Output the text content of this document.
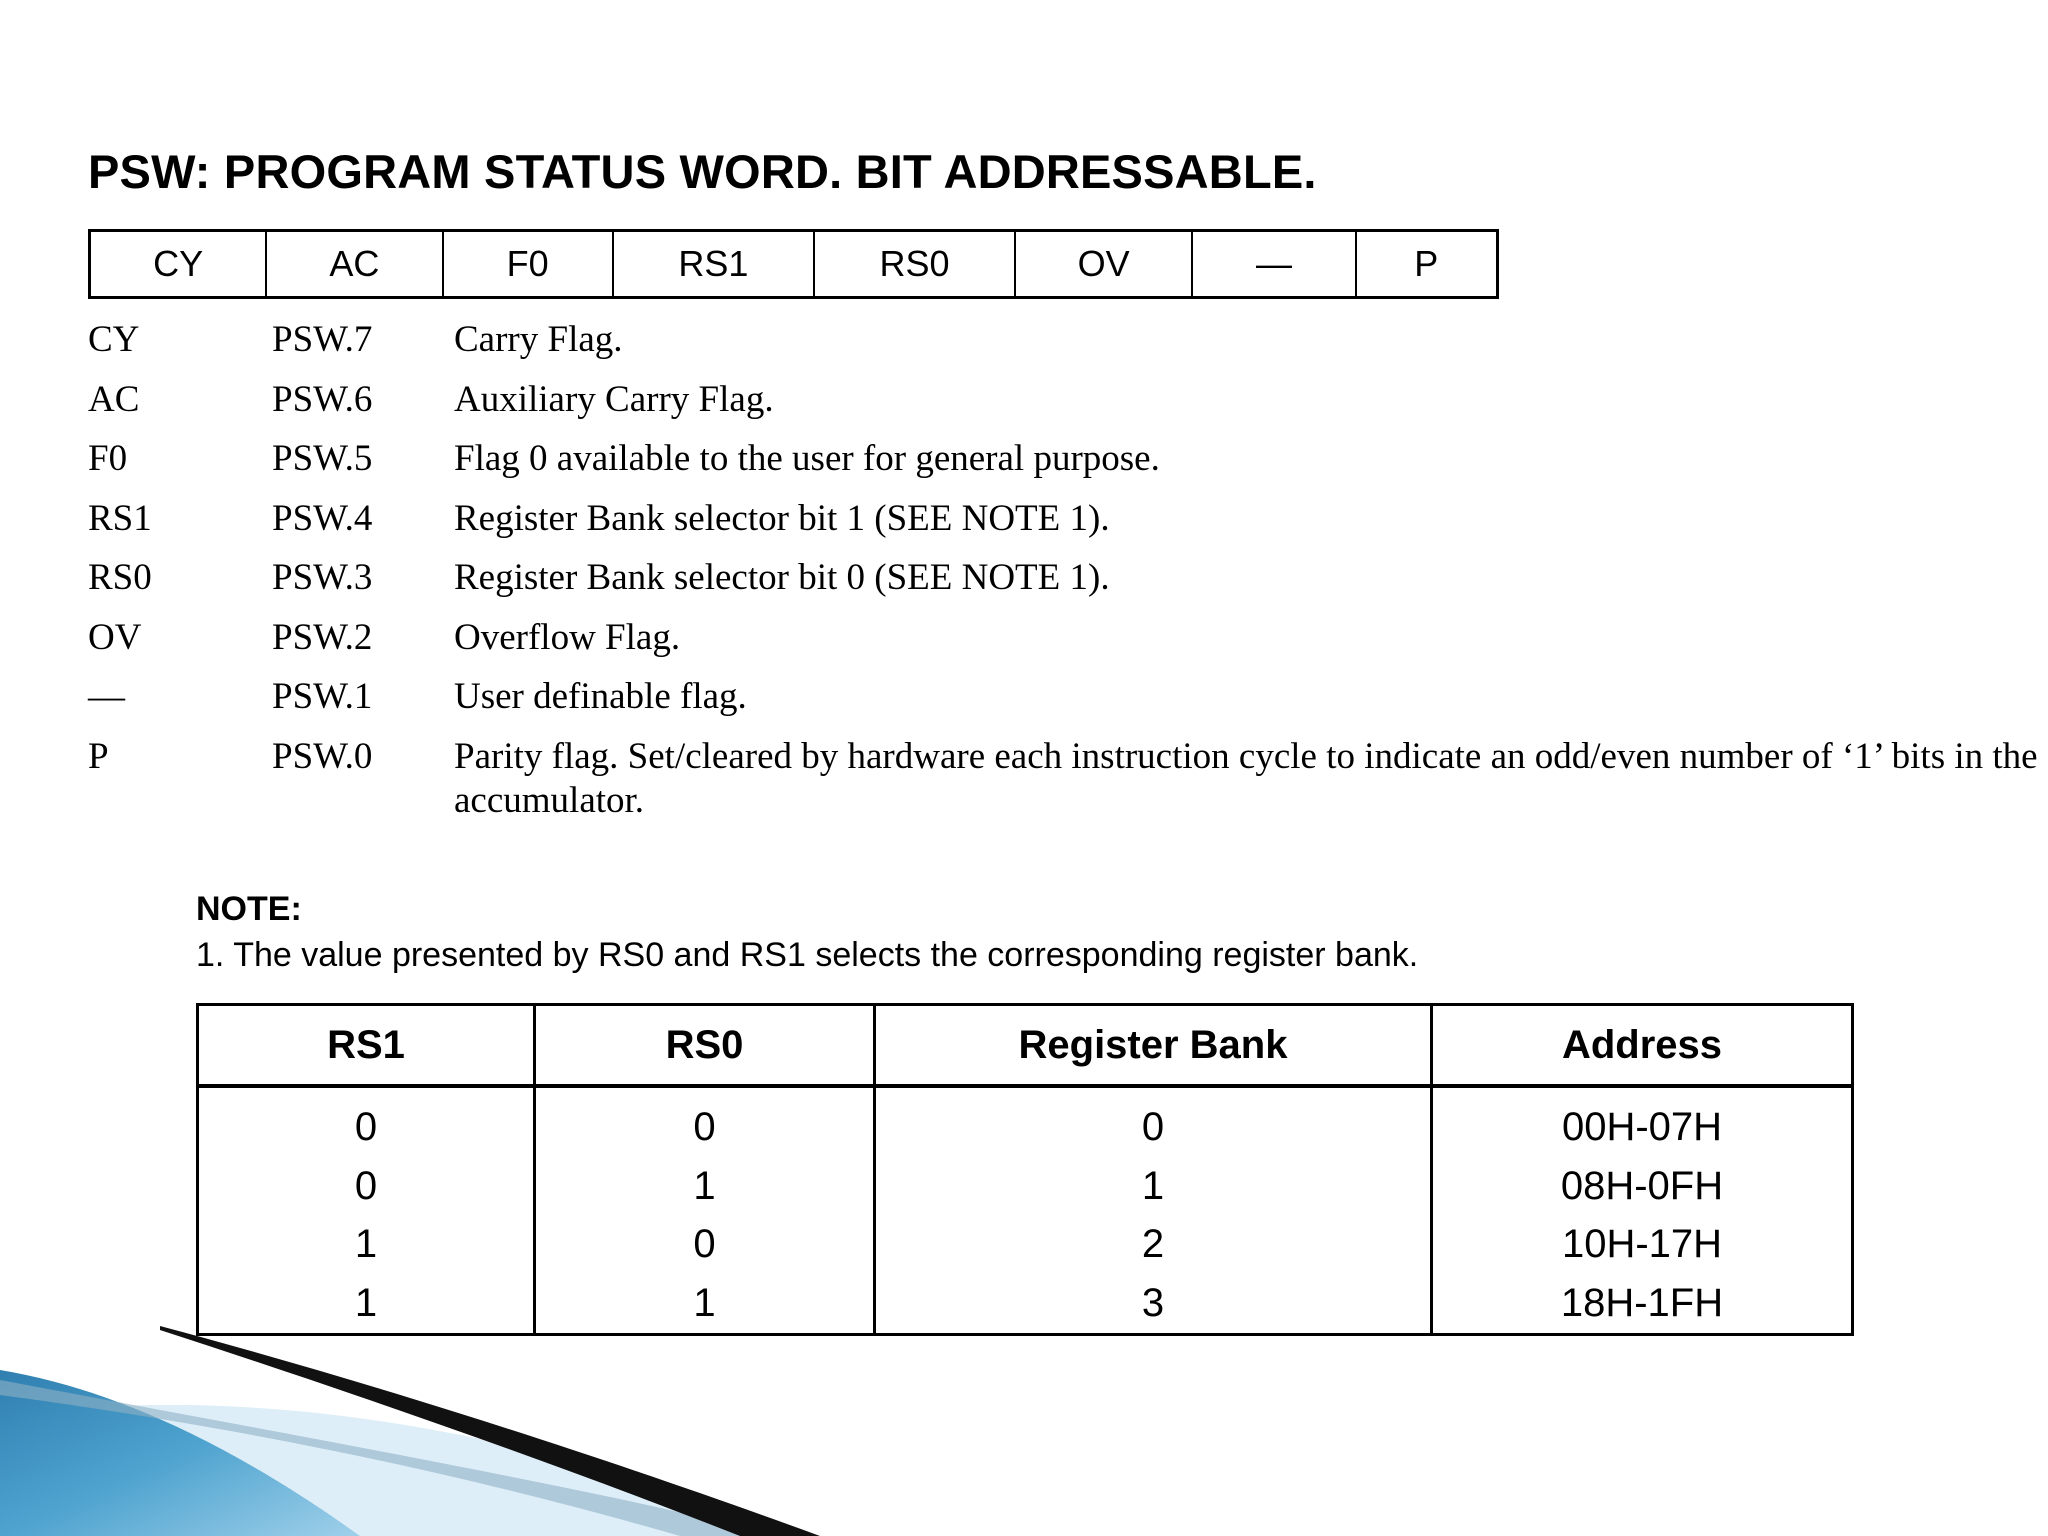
PSW: PROGRAM STATUS WORD. BIT ADDRESSABLE.
CY	AC	F0	RS1	RS0	OV	—	P
CY	PSW.7 Carry Flag.
AC	PSW.6 Auxiliary Carry Flag.
F0	PSW.5 Flag 0 available to the user for general purpose.
RS1	PSW.4 Register Bank selector bit 1 (SEE NOTE 1).
RS0	PSW.3 Register Bank selector bit 0 (SEE NOTE 1).
OV	PSW.2 Overflow Flag.
—	PSW.1 User definable flag.
P	PSW.0 Parity flag. Set/cleared by hardware each instruction cycle to indicate an odd/even number of ‘1’ bits in the accumulator.
NOTE:
1. The value presented by RS0 and RS1 selects the corresponding register bank.
RS1	RS0	Register Bank	Address
0	0	0	00H-07H
0	1	1	08H-0FH
1	0	2	10H-17H
1	1	3	18H-1FH
